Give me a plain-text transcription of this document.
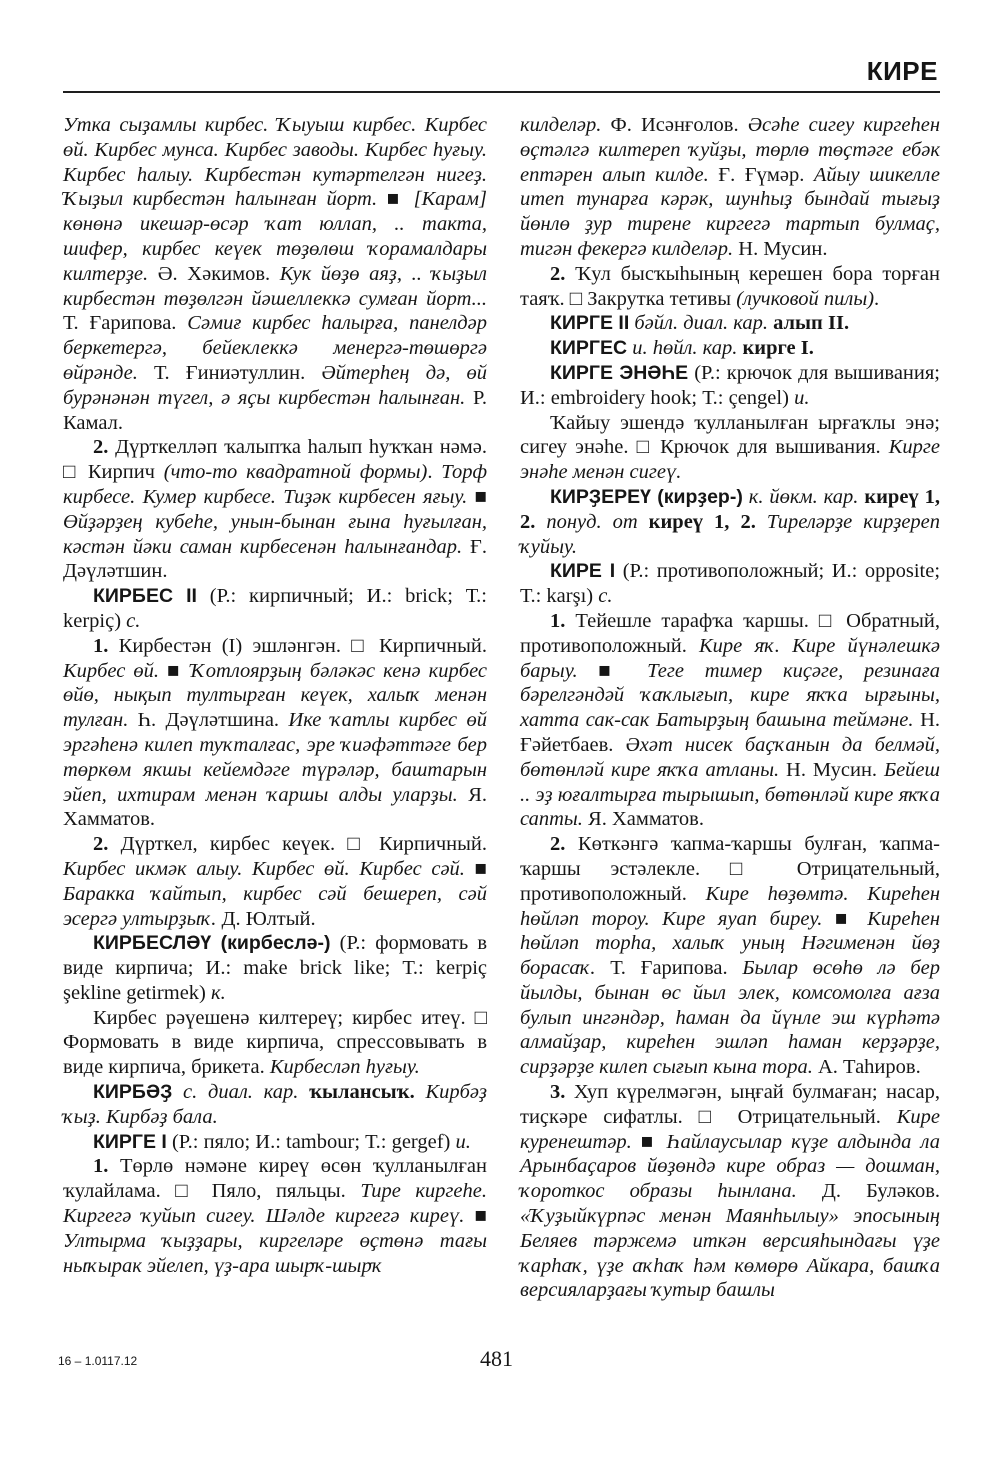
КИРЕ

Утка сыҙамлы кирбес. Ҡыуыш кирбес. Кирбес өй. Кирбес мунса. Кирбес заводы. Кирбес һуғыу. Кирбес һалыу. Кирбестән кутәртелгән нигеҙ. Ҡыҙыл кирбестән һалынған йорт. ■ [Карам] көнөнә икешәр-өсәр ҡат юллап, .. такта, шифер, кирбес кеүек төҙөлөш ҡорамалдары килтерҙе. Ә. Хәкимов. Кук йөҙө аяҙ, .. ҡыҙыл кирбестән төҙөлгән йәшеллеккә сумған йорт... Т. Ғарипова. Сәмиғ кирбес һалырға, панелдәр беркетергә, бейеклеккә менергә-төшөргә өйрәнде. Т. Ғиниәтуллин. Әйтерһең дә, өй бурәнәнән түгел, ә яҫы кирбестән һалынған. Р. Камал.

2. Дүрткелләп ҡалыпҡа һалып һуҡҡан нәмә. □ Кирпич (что-то квадратной формы). Торф кирбесе. Кумер кирбесе. Тиҙәк кирбесен яғыу. ■ Өйҙәрҙең кубеһе, унын-бынан ғына һуғылған, кәстән йәки саман кирбесенән һалынғандар. Ғ. Дәүләтшин.

КИРБЕС II (Р.: кирпичный; И.: brick; Т.: kerpiç) с.

1. Кирбестән (I) эшләнгән. □ Кирпичный. Кирбес өй. ■ Ҡотлоярҙың бәләкәс кенә кирбес өйө, нықып тултырған кеүек, халыҡ менән тулған. Һ. Дәүләтшина. Ике ҡатлы кирбес өй эргәһенә килеп туҡталғас, эре ҡиәфәттәге бер төркөм якшы кейемдәге түрәләр, баштарын эйеп, ихтирам менән ҡаршы алды уларҙы. Я. Хамматов.

2. Дүрткел, кирбес кеүек. □ Кирпичный. Кирбес икмәк алыу. Кирбес өй. Кирбес сәй. ■ Баракка ҡайтып, кирбес сәй бешереп, сәй эсергә ултырҙыҡ. Д. Юлтый.

КИРБЕСЛӘҮ (кирбеслә-) (Р.: формовать в виде кирпича; И.: make brick like; Т.: kerpiç şekline getirmek) к.

Кирбес рәүешенә килтереү; кирбес итеү. □ Формовать в виде кирпича, спрессовывать в виде кирпича, брикета. Кирбесләп һуғыу.

КИРБӘҘ с. диал. кар. ҡылансыҡ. Кирбәҙ ҡыҙ. Кирбәҙ бала.

КИРГЕ I (Р.: пяло; И.: tambour; Т.: gergef) и.

1. Төрлө нәмәне киреү өсөн ҡулланылған ҡулайлама. □ Пяло, пяльцы. Тире киргеһе. Киргегә ҡуйып сигеу. Шәлде киргегә киреү. ■ Ултырма ҡыҙҙары, киргеләре өҫтөнә тағы ныҡырак эйелеп, үҙ-ара шырҡ-шырҡ

килделәр. Ф. Исәнғолов. Әсәһе сигеу киргеһен өҫтәлгә килтереп ҡуйҙы, төрлө төҫтәге ебәк ептәрен алып килде. Ғ. Ғүмәр. Айыу шикелле итеп тунарға кәрәк, шунһыҙ бындай тығыҙ йөнлө ҙур тирене киргегә тартып булмаҫ, тигән фекергә килделәр. Н. Мусин.

2. Ҡул бысҡыһының керешен бора торған таяҡ. □ Закрутка тетивы (лучковой пилы).

КИРГЕ II бәйл. диал. кар. алып II.

КИРГЕС и. һөйл. кар. кирге I.

КИРГЕ ЭНӘҺЕ (Р.: крючок для вышивания; И.: embroidery hook; Т.: çengel) и.

Ҡайыу эшендә ҡулланылған ырғаҡлы энә; сигеу энәһе. □ Крючок для вышивания. Кирге энәһе менән сигеү.

КИРҘЕРЕҮ (кирҙер-) к. йөкм. кар. киреү 1, 2. понуд. от киреү 1, 2. Тиреләрҙе кирҙереп ҡуйыу.

КИРЕ I (Р.: противоположный; И.: opposite; Т.: karşı) с.

1. Тейешле тарафҡа ҡаршы. □ Обратный, противоположный. Кире яҡ. Кире йүнәлешкә барыу. ■ Теге тимер киҫәге, резинаға бәрелгәндәй ҡаҡлығып, кире яҡҡа ырғыны, хатта сак-сак Батырҙың башына теймәне. Н. Ғәйетбаев. Әхәт нисек баҫҡанын да белмәй, бөтөнләй кире яҡҡа атланы. Н. Мусин. Бейеш .. эҙ юғалтырға тырышып, бөтөнләй кире яҡҡа сапты. Я. Хамматов.

2. Көткәнгә ҡапма-ҡаршы булған, ҡапма-ҡаршы эстәлекле. □ Отрицательный, противоположный. Кире һөҙөмтә. Киреһен һөйләп тороу. Кире яуап биреу. ■ Киреһен һөйләп торһа, халыҡ уның Нәгименән йөҙ борасаҡ. Т. Ғарипова. Былар өсөһө лә бер йылды, бынан өс йыл элек, комсомолға ағза булып ингәндәр, һаман да йүнле эш күрһәтә алмайҙар, киреһен эшләп һаман керҙәрҙе, сирҙәрҙе килеп сығып кына тора. А. Таһиров.

3. Хуп күрелмәгән, ыңғай булмаған; насар, тиҫкәре сифатлы. □ Отрицательный. Кире куренештәр. ■ Һайлаусылар күҙе алдында ла Арынбаҫаров йөҙөндә кире образ — дошман, ҡороткос образы һынлана. Д. Буләков. «Ҡуҙыйкүрпәс менән Маянһылыу» эпосының Беляев тәржемә иткән версияһындағы үҙе ҡарһаҡ, үҙе аҡһаҡ һәм көмөрө Айкара, башҡа версияларҙағы ҡутыр башлы

16 – 1.0117.12	481
